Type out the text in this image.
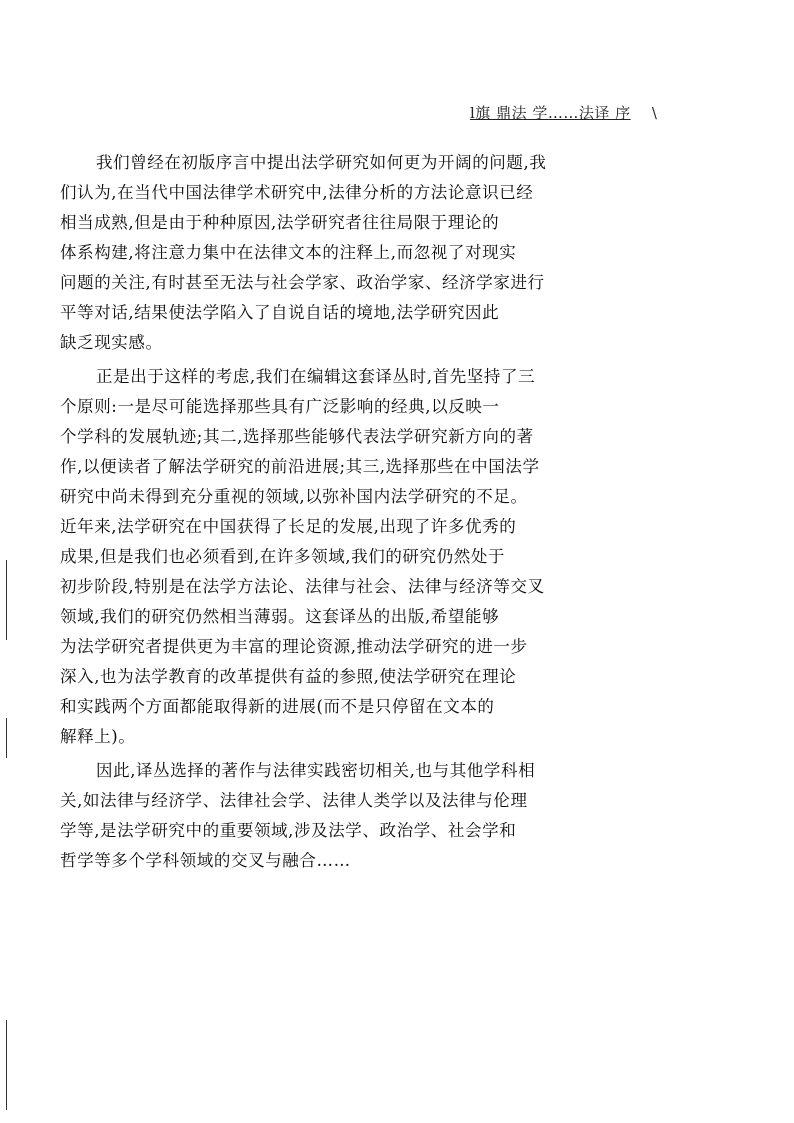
l旗 鼎法 学……法译 序 \

我们曾经在初版序言中提出法学研究如何更为开阔的问题,我

们认为,在当代中国法律学术研究中,法律分析的方法论意识已经

相当成熟,但是由于种种原因,法学研究者往往局限于理论的

体系构建,将注意力集中在法律文本的注释上,而忽视了对现实

问题的关注,有时甚至无法与社会学家、政治学家、经济学家进行

平等对话,结果使法学陷入了自说自话的境地,法学研究因此

缺乏现实感。

正是出于这样的考虑,我们在编辑这套译丛时,首先坚持了三

个原则:一是尽可能选择那些具有广泛影响的经典,以反映一

个学科的发展轨迹;其二,选择那些能够代表法学研究新方向的著

作,以便读者了解法学研究的前沿进展;其三,选择那些在中国法学

研究中尚未得到充分重视的领域,以弥补国内法学研究的不足。

近年来,法学研究在中国获得了长足的发展,出现了许多优秀的

成果,但是我们也必须看到,在许多领域,我们的研究仍然处于

初步阶段,特别是在法学方法论、法律与社会、法律与经济等交叉

领域,我们的研究仍然相当薄弱。这套译丛的出版,希望能够

为法学研究者提供更为丰富的理论资源,推动法学研究的进一步

深入,也为法学教育的改革提供有益的参照,使法学研究在理论

和实践两个方面都能取得新的进展(而不是只停留在文本的

解释上)。

因此,译丛选择的著作与法律实践密切相关,也与其他学科相

关,如法律与经济学、法律社会学、法律人类学以及法律与伦理

学等,是法学研究中的重要领域,涉及法学、政治学、社会学和

哲学等多个学科领域的交叉与融合……
